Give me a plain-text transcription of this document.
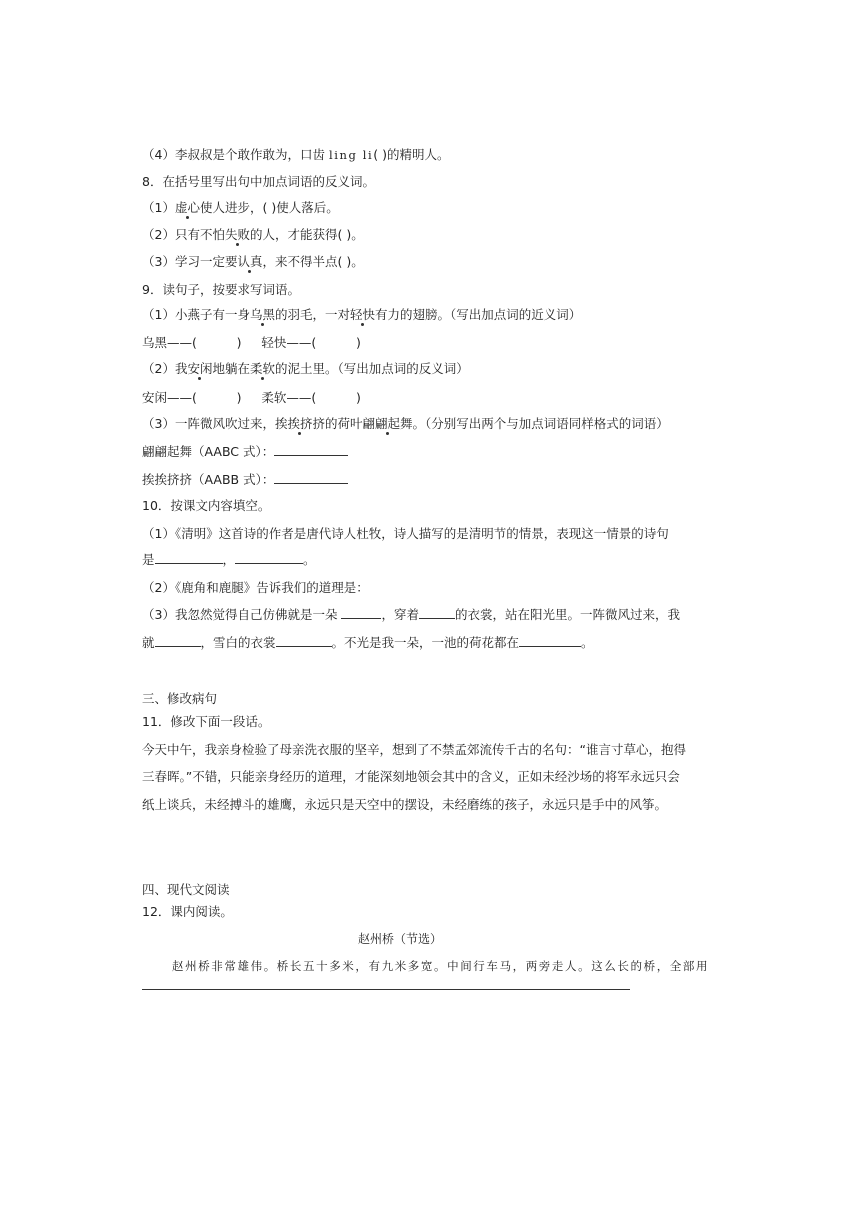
（4）李叔叔是个敢作敢为，口齿 ling li( )的精明人。
8．在括号里写出句中加点词语的反义词。
（1）虚心使人进步，( )使人落后。
（2）只有不怕失败的人，才能获得( )。
（3）学习一定要认真，来不得半点( )。
9．读句子，按要求写词语。
（1）小燕子有一身乌黑的羽毛，一对轻快有力的翅膀。（写出加点词的近义词）
乌黑——(          )     轻快——(          )
（2）我安闲地躺在柔软的泥土里。（写出加点词的反义词）
安闲——(          )     柔软——(          )
（3）一阵微风吹过来，挨挨挤挤的荷叶翩翩起舞。（分别写出两个与加点词语同样格式的词语）
翩翩起舞（AABC 式）：
挨挨挤挤（AABB 式）：
10．按课文内容填空。
（1）《清明》这首诗的作者是唐代诗人杜牧，诗人描写的是清明节的情景，表现这一情景的诗句
是	，	。
（2）《鹿角和鹿腿》告诉我们的道理是：
（3）我忽然觉得自己仿佛就是一朵	，穿着	的衣裳，站在阳光里。一阵微风过来，我
就	，雪白的衣裳	。不光是我一朵，一池的荷花都在	。
三、修改病句
11．修改下面一段话。
今天中午，我亲身检验了母亲洗衣服的坚辛，想到了不禁孟郊流传千古的名句：“谁言寸草心，抱得
三春晖。”不错，只能亲身经历的道理，才能深刻地领会其中的含义，正如未经沙场的将军永远只会
纸上谈兵，未经搏斗的雄鹰，永远只是天空中的摆设，未经磨练的孩子，永远只是手中的风筝。
四、现代文阅读
12．课内阅读。
赵州桥（节选）
赵州桥非常雄伟。桥长五十多米，有九米多宽。中间行车马，两旁走人。这么长的桥，全部用
